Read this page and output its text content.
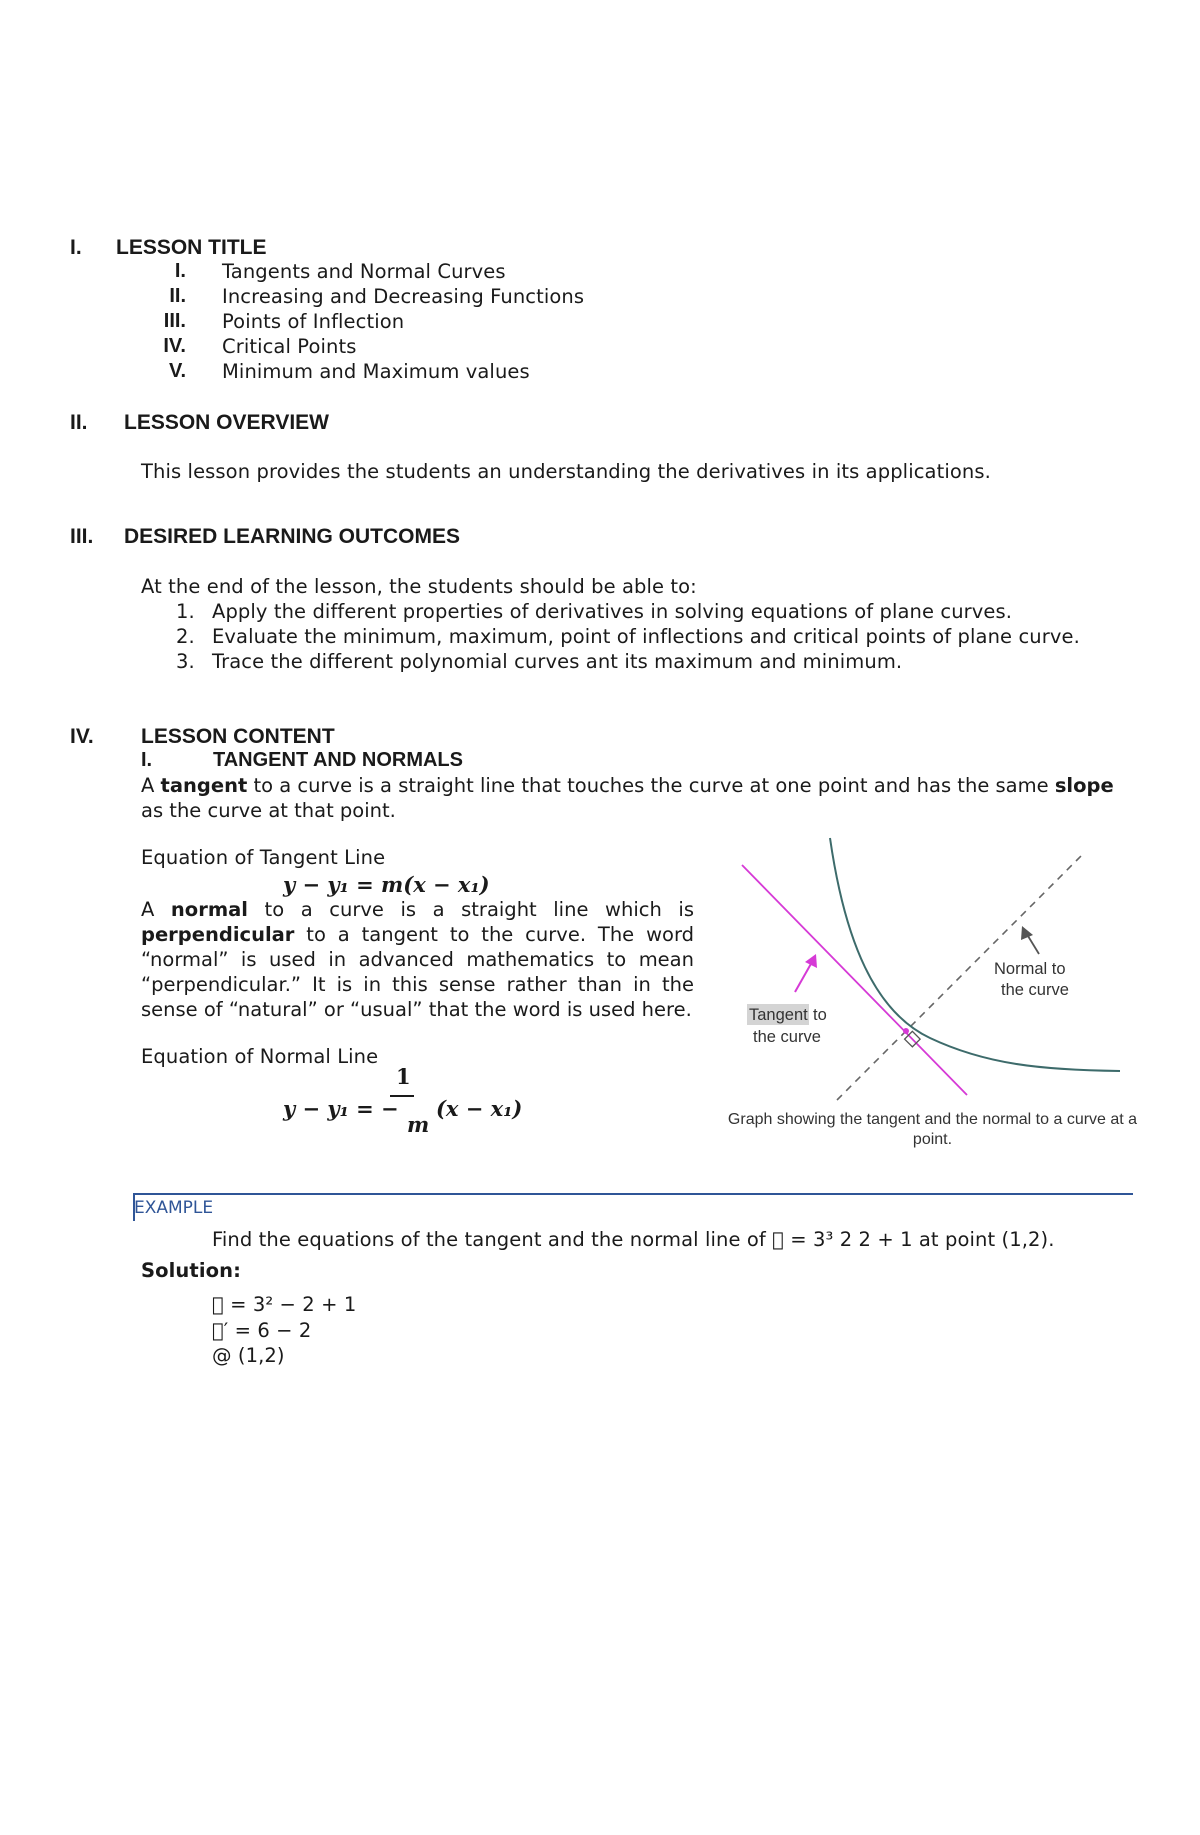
I. LESSON TITLE
I. Tangents and Normal Curves
II. Increasing and Decreasing Functions
III. Points of Inflection
IV. Critical Points
V. Minimum and Maximum values
II. LESSON OVERVIEW
This lesson provides the students an understanding the derivatives in its applications.
III. DESIRED LEARNING OUTCOMES
At the end of the lesson, the students should be able to:
1. Apply the different properties of derivatives in solving equations of plane curves.
2. Evaluate the minimum, maximum, point of inflections and critical points of plane curve.
3. Trace the different polynomial curves ant its maximum and minimum.
IV. LESSON CONTENT
I.	TANGENT AND NORMALS
A tangent to a curve is a straight line that touches the curve at one point and has the same slope as the curve at that point.
Equation of Tangent Line
y − y₁ = m(x − x₁)
A normal to a curve is a straight line which is perpendicular to a tangent to the curve. The word “normal” is used in advanced mathematics to mean “perpendicular.” It is in this sense rather than in the sense of “natural” or “usual” that the word is used here.
Equation of Normal Line
y − y₁ = −
1
m
(x − x₁)
Tangent to
the curve
Normal to
the curve
Graph showing the tangent and the normal to a curve at a point.
EXAMPLE
Find the equations of the tangent and the normal line of 􏰀 = 3³ 2 2 + 1 at point (1,2).
Solution:
􏰀 = 3² − 2 + 1
􏰀′ = 6 − 2
@ (1,2)
